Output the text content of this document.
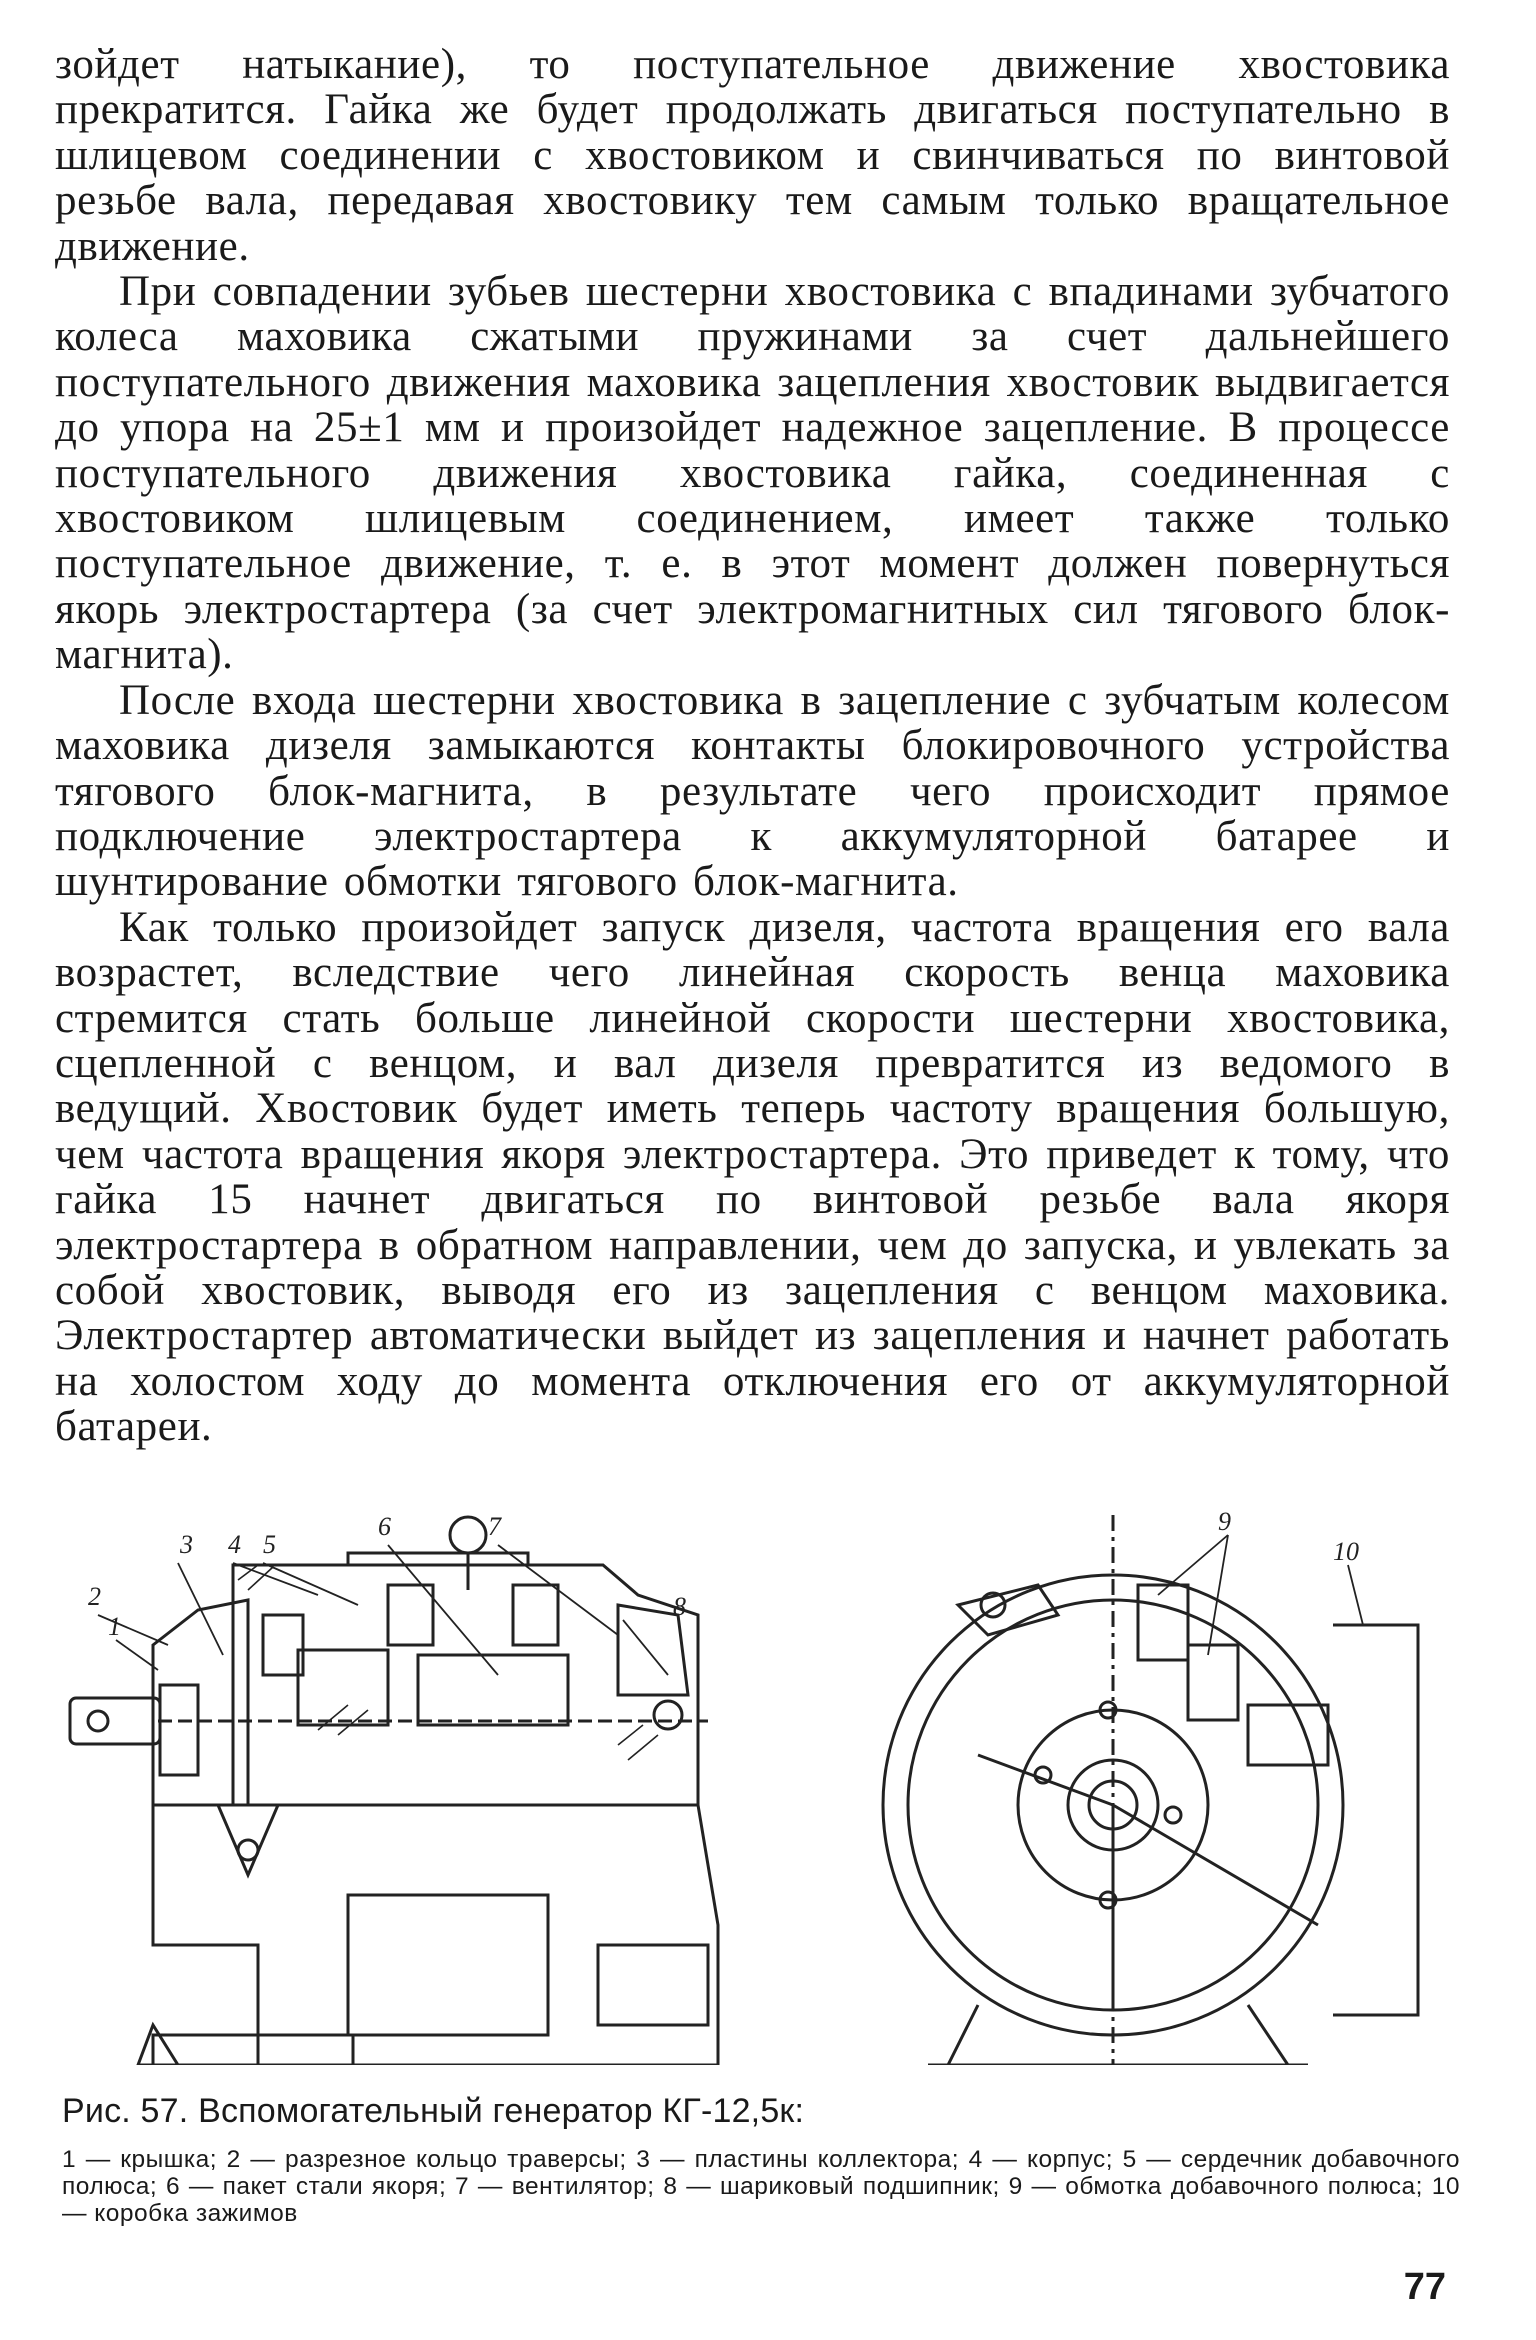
зойдет натыкание), то поступательное движение хвостовика прекратится. Гайка же будет продолжать двигаться поступательно в шлицевом соединении с хвостовиком и свинчиваться по винтовой резьбе вала, передавая хвостовику тем самым только вращательное движение.

При совпадении зубьев шестерни хвостовика с впадинами зубчатого колеса маховика сжатыми пружинами за счет дальнейшего поступательного движения маховика зацепления хвостовик выдвигается до упора на 25±1 мм и произойдет надежное зацепление. В процессе поступательного движения хвостовика гайка, соединенная с хвостовиком шлицевым соединением, имеет также только поступательное движение, т. е. в этот момент должен повернуться якорь электростартера (за счет электромагнитных сил тягового блок-магнита).

После входа шестерни хвостовика в зацепление с зубчатым колесом маховика дизеля замыкаются контакты блокировочного устройства тягового блок-магнита, в результате чего происходит прямое подключение электростартера к аккумуляторной батарее и шунтирование обмотки тягового блок-магнита.

Как только произойдет запуск дизеля, частота вращения его вала возрастет, вследствие чего линейная скорость венца маховика стремится стать больше линейной скорости шестерни хвостовика, сцепленной с венцом, и вал дизеля превратится из ведомого в ведущий. Хвостовик будет иметь теперь частоту вращения большую, чем частота вращения якоря электростартера. Это приведет к тому, что гайка 15 начнет двигаться по винтовой резьбе вала якоря электростартера в обратном направлении, чем до запуска, и увлекать за собой хвостовик, выводя его из зацепления с венцом маховика. Электростартер автоматически выйдет из зацепления и начнет работать на холостом ходу до момента отключения его от аккумуляторной батареи.

3 4 5
6	7
2
1
8
9
10
Рис. 57. Вспомогательный генератор КГ-12,5к:
1 — крышка; 2 — разрезное кольцо траверсы; 3 — пластины коллектора; 4 — корпус; 5 — сердечник добавочного полюса; 6 — пакет стали якоря; 7 — вентилятор; 8 — шариковый подшипник; 9 — обмотка добавочного полюса; 10 — коробка зажимов
77
